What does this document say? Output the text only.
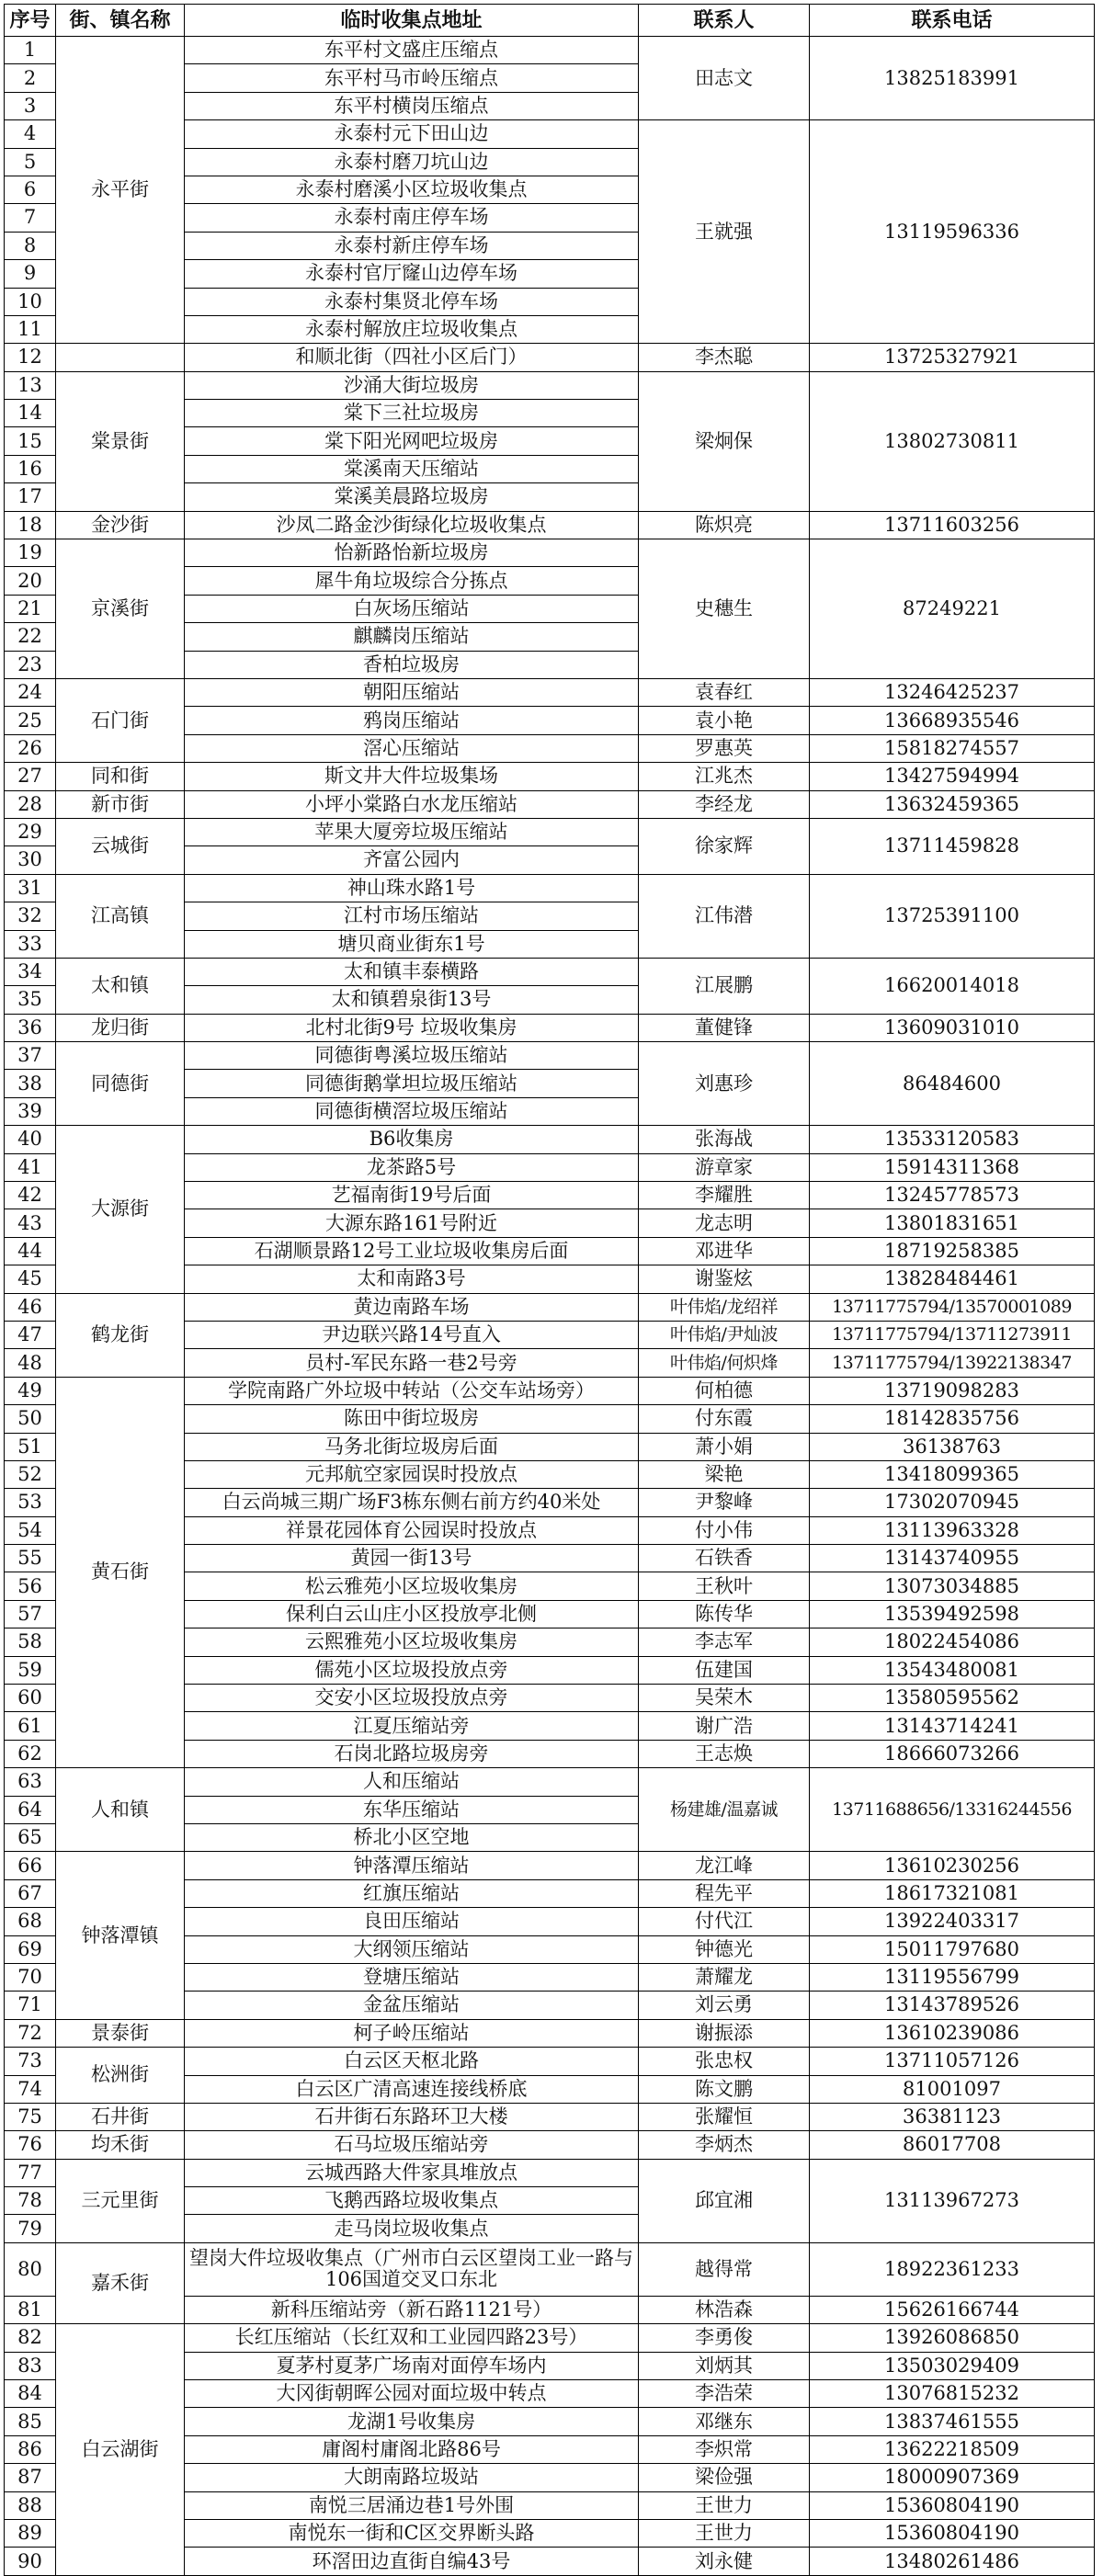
序号	街、镇名称	临时收集点地址	联系人	联系电话
1	永平街	东平村文盛庄压缩点	田志文	13825183991
2		东平村马市岭压缩点		
3		东平村横岗压缩点		
4		永泰村元下田山边	王就强	13119596336
5		永泰村磨刀坑山边		
6		永泰村磨溪小区垃圾收集点		
7		永泰村南庄停车场		
8		永泰村新庄停车场		
9		永泰村官厅窿山边停车场		
10		永泰村集贤北停车场		
11		永泰村解放庄垃圾收集点		
12		和顺北街（四社小区后门）	李杰聪	13725327921
13	棠景街	沙涌大街垃圾房	梁炯保	13802730811
14		棠下三社垃圾房		
15		棠下阳光网吧垃圾房		
16		棠溪南天压缩站		
17		棠溪美晨路垃圾房		
18	金沙街	沙凤二路金沙街绿化垃圾收集点	陈炽亮	13711603256
19	京溪街	怡新路怡新垃圾房	史穗生	87249221
20		犀牛角垃圾综合分拣点		
21		白灰场压缩站		
22		麒麟岗压缩站		
23		香柏垃圾房		
24	石门街	朝阳压缩站	袁春红	13246425237
25		鸦岗压缩站	袁小艳	13668935546
26		滘心压缩站	罗惠英	15818274557
27	同和街	斯文井大件垃圾集场	江兆杰	13427594994
28	新市街	小坪小棠路白水龙压缩站	李经龙	13632459365
29	云城街	苹果大厦旁垃圾压缩站	徐家辉	13711459828
30		齐富公园内		
31	江高镇	神山珠水路1号	江伟潜	13725391100
32		江村市场压缩站		
33		塘贝商业街东1号		
34	太和镇	太和镇丰泰横路	江展鹏	16620014018
35		太和镇碧泉街13号		
36	龙归街	北村北街9号 垃圾收集房	董健锋	13609031010
37	同德街	同德街粤溪垃圾压缩站	刘惠珍	86484600
38		同德街鹅掌坦垃圾压缩站		
39		同德街横滘垃圾压缩站		
40	大源街	B6收集房	张海战	13533120583
41		龙茶路5号	游章家	15914311368
42		艺福南街19号后面	李耀胜	13245778573
43		大源东路161号附近	龙志明	13801831651
44		石湖顺景路12号工业垃圾收集房后面	邓进华	18719258385
45		太和南路3号	谢鉴炫	13828484461
46	鹤龙街	黄边南路车场	叶伟焰/龙绍祥	13711775794/13570001089
47		尹边联兴路14号直入	叶伟焰/尹灿波	13711775794/13711273911
48		员村-军民东路一巷2号旁	叶伟焰/何炽烽	13711775794/13922138347
49	黄石街	学院南路广外垃圾中转站（公交车站场旁）	何柏德	13719098283
50		陈田中街垃圾房	付东霞	18142835756
51		马务北街垃圾房后面	萧小娟	36138763
52		元邦航空家园误时投放点	梁艳	13418099365
53		白云尚城三期广场F3栋东侧右前方约40米处	尹黎峰	17302070945
54		祥景花园体育公园误时投放点	付小伟	13113963328
55		黄园一街13号	石铁香	13143740955
56		松云雅苑小区垃圾收集房	王秋叶	13073034885
57		保利白云山庄小区投放亭北侧	陈传华	13539492598
58		云熙雅苑小区垃圾收集房	李志军	18022454086
59		儒苑小区垃圾投放点旁	伍建国	13543480081
60		交安小区垃圾投放点旁	吴荣木	13580595562
61		江夏压缩站旁	谢广浩	13143714241
62		石岗北路垃圾房旁	王志焕	18666073266
63	人和镇	人和压缩站	杨建雄/温嘉诚	13711688656/13316244556
64		东华压缩站		
65		桥北小区空地		
66	钟落潭镇	钟落潭压缩站	龙江峰	13610230256
67		红旗压缩站	程先平	18617321081
68		良田压缩站	付代江	13922403317
69		大纲领压缩站	钟德光	15011797680
70		登塘压缩站	萧耀龙	13119556799
71		金盆压缩站	刘云勇	13143789526
72	景泰街	柯子岭压缩站	谢振添	13610239086
73	松洲街	白云区天枢北路	张忠权	13711057126
74		白云区广清高速连接线桥底	陈文鹏	81001097
75	石井街	石井街石东路环卫大楼	张耀恒	36381123
76	均禾街	石马垃圾压缩站旁	李炳杰	86017708
77	三元里街	云城西路大件家具堆放点	邱宜湘	13113967273
78		飞鹅西路垃圾收集点		
79		走马岗垃圾收集点		
80	嘉禾街	望岗大件垃圾收集点（广州市白云区望岗工业一路与106国道交叉口东北	越得常	18922361233
81		新科压缩站旁（新石路1121号）	林浩森	15626166744
82	白云湖街	长红压缩站（长红双和工业园四路23号）	李勇俊	13926086850
83		夏茅村夏茅广场南对面停车场内	刘炳其	13503029409
84		大冈街朝晖公园对面垃圾中转点	李浩荣	13076815232
85		龙湖1号收集房	邓继东	13837461555
86		庸阁村庸阁北路86号	李炽常	13622218509
87		大朗南路垃圾站	梁俭强	18000907369
88		南悦三居涌边巷1号外围	王世力	15360804190
89		南悦东一街和C区交界断头路	王世力	15360804190
90		环滘田边直街自编43号	刘永健	13480261486
